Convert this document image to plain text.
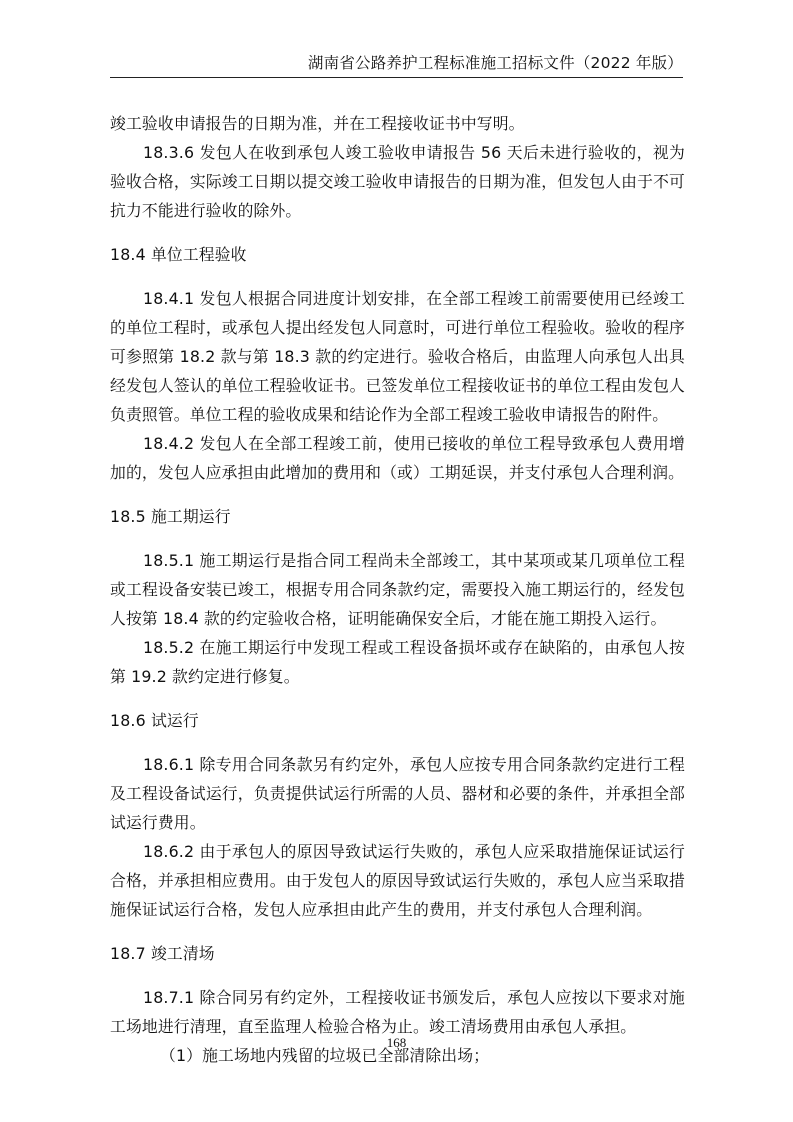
湖南省公路养护工程标准施工招标文件（2022 年版）

竣工验收申请报告的日期为准，并在工程接收证书中写明。

18.3.6 发包人在收到承包人竣工验收申请报告 56 天后未进行验收的，视为验收合格，实际竣工日期以提交竣工验收申请报告的日期为准，但发包人由于不可抗力不能进行验收的除外。

18.4 单位工程验收

18.4.1 发包人根据合同进度计划安排，在全部工程竣工前需要使用已经竣工的单位工程时，或承包人提出经发包人同意时，可进行单位工程验收。验收的程序可参照第 18.2 款与第 18.3 款的约定进行。验收合格后，由监理人向承包人出具经发包人签认的单位工程验收证书。已签发单位工程接收证书的单位工程由发包人负责照管。单位工程的验收成果和结论作为全部工程竣工验收申请报告的附件。

18.4.2 发包人在全部工程竣工前，使用已接收的单位工程导致承包人费用增加的，发包人应承担由此增加的费用和（或）工期延误，并支付承包人合理利润。

18.5 施工期运行

18.5.1 施工期运行是指合同工程尚未全部竣工，其中某项或某几项单位工程或工程设备安装已竣工，根据专用合同条款约定，需要投入施工期运行的，经发包人按第 18.4 款的约定验收合格，证明能确保安全后，才能在施工期投入运行。

18.5.2 在施工期运行中发现工程或工程设备损坏或存在缺陷的，由承包人按第 19.2 款约定进行修复。

18.6 试运行

18.6.1 除专用合同条款另有约定外，承包人应按专用合同条款约定进行工程及工程设备试运行，负责提供试运行所需的人员、器材和必要的条件，并承担全部试运行费用。

18.6.2 由于承包人的原因导致试运行失败的，承包人应采取措施保证试运行合格，并承担相应费用。由于发包人的原因导致试运行失败的，承包人应当采取措施保证试运行合格，发包人应承担由此产生的费用，并支付承包人合理利润。

18.7 竣工清场

18.7.1 除合同另有约定外，工程接收证书颁发后，承包人应按以下要求对施工场地进行清理，直至监理人检验合格为止。竣工清场费用由承包人承担。

（1）施工场地内残留的垃圾已全部清除出场；

168
